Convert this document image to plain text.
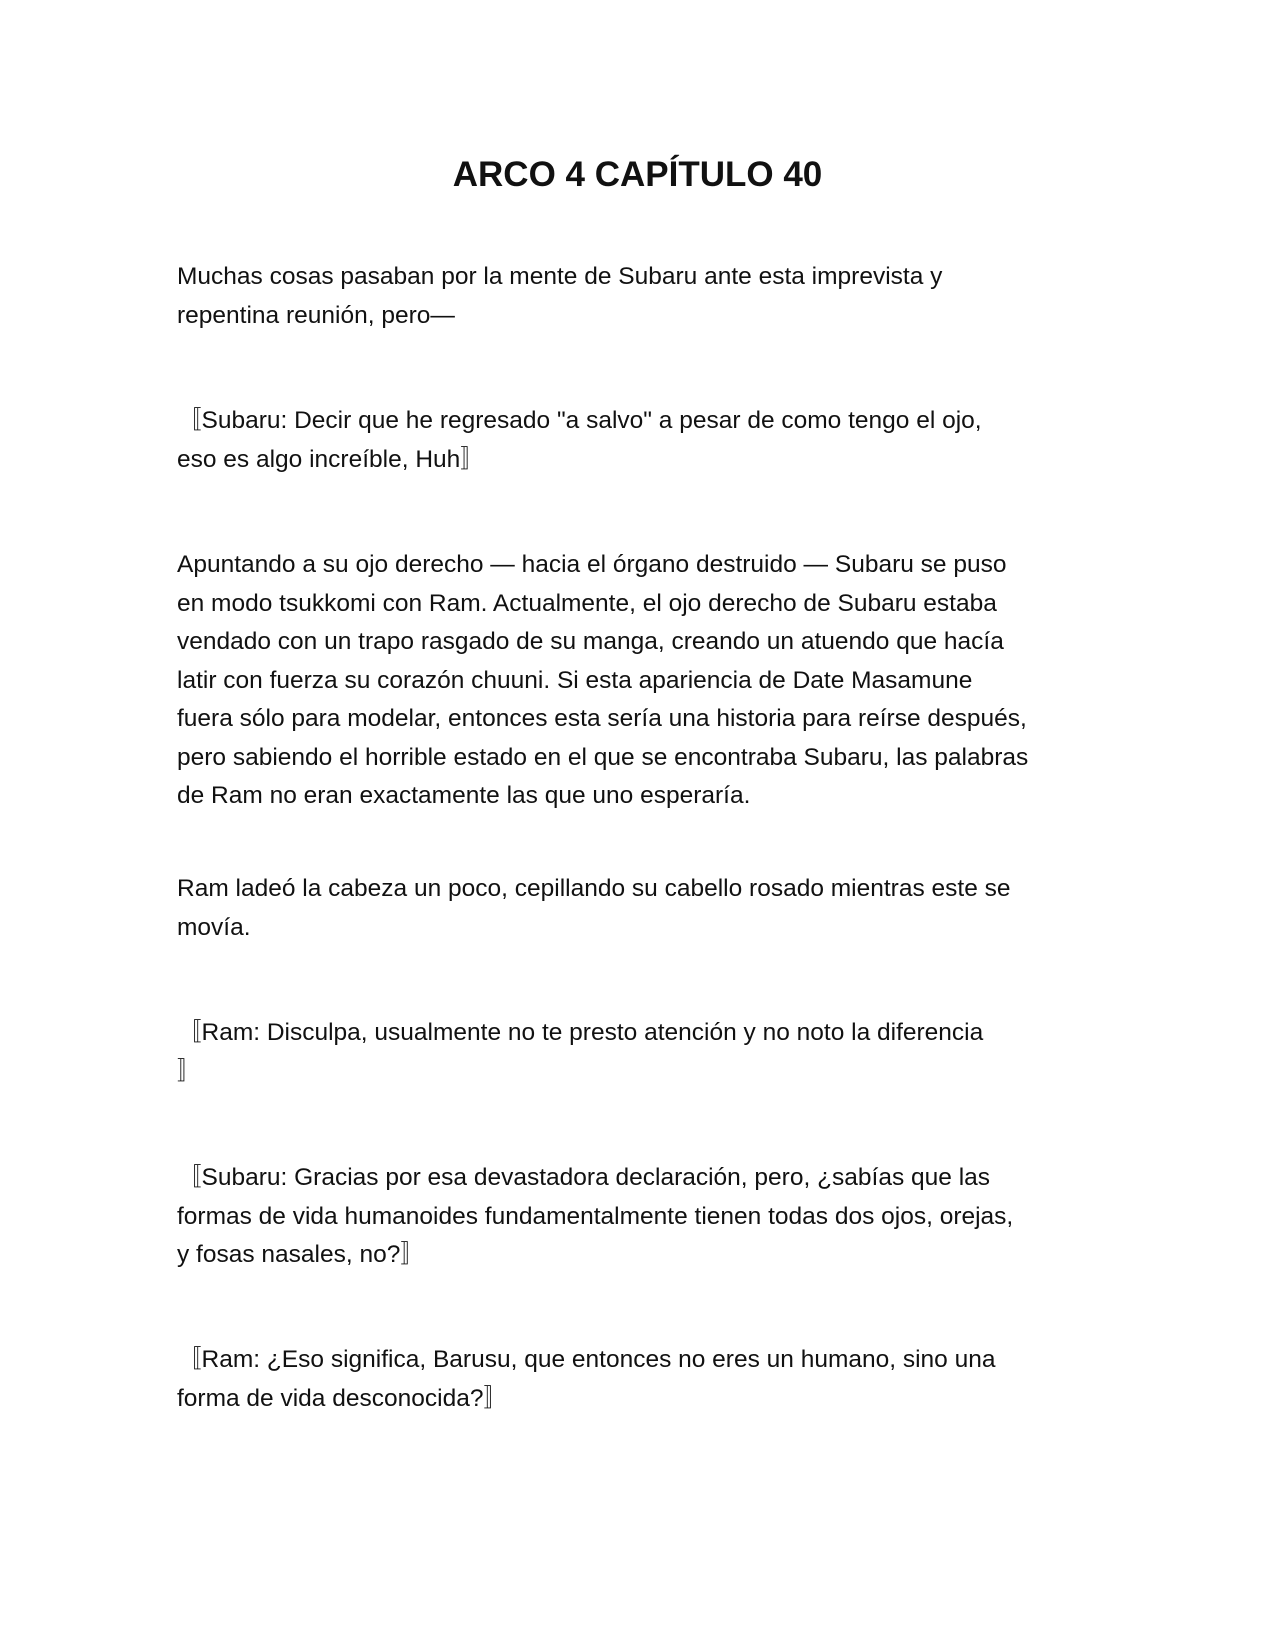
ARCO 4 CAPÍTULO 40

Muchas cosas pasaban por la mente de Subaru ante esta imprevista y
repentina reunión, pero—

〚Subaru: Decir que he regresado "a salvo" a pesar de como tengo el ojo,
eso es algo increíble, Huh〛

Apuntando a su ojo derecho — hacia el órgano destruido — Subaru se puso
en modo tsukkomi con Ram. Actualmente, el ojo derecho de Subaru estaba
vendado con un trapo rasgado de su manga, creando un atuendo que hacía
latir con fuerza su corazón chuuni. Si esta apariencia de Date Masamune
fuera sólo para modelar, entonces esta sería una historia para reírse después,
pero sabiendo el horrible estado en el que se encontraba Subaru, las palabras
de Ram no eran exactamente las que uno esperaría.

Ram ladeó la cabeza un poco, cepillando su cabello rosado mientras este se
movía.

〚Ram: Disculpa, usualmente no te presto atención y no noto la diferencia
〛

〚Subaru: Gracias por esa devastadora declaración, pero, ¿sabías que las
formas de vida humanoides fundamentalmente tienen todas dos ojos, orejas,
y fosas nasales, no?〛

〚Ram: ¿Eso significa, Barusu, que entonces no eres un humano, sino una
forma de vida desconocida?〛
